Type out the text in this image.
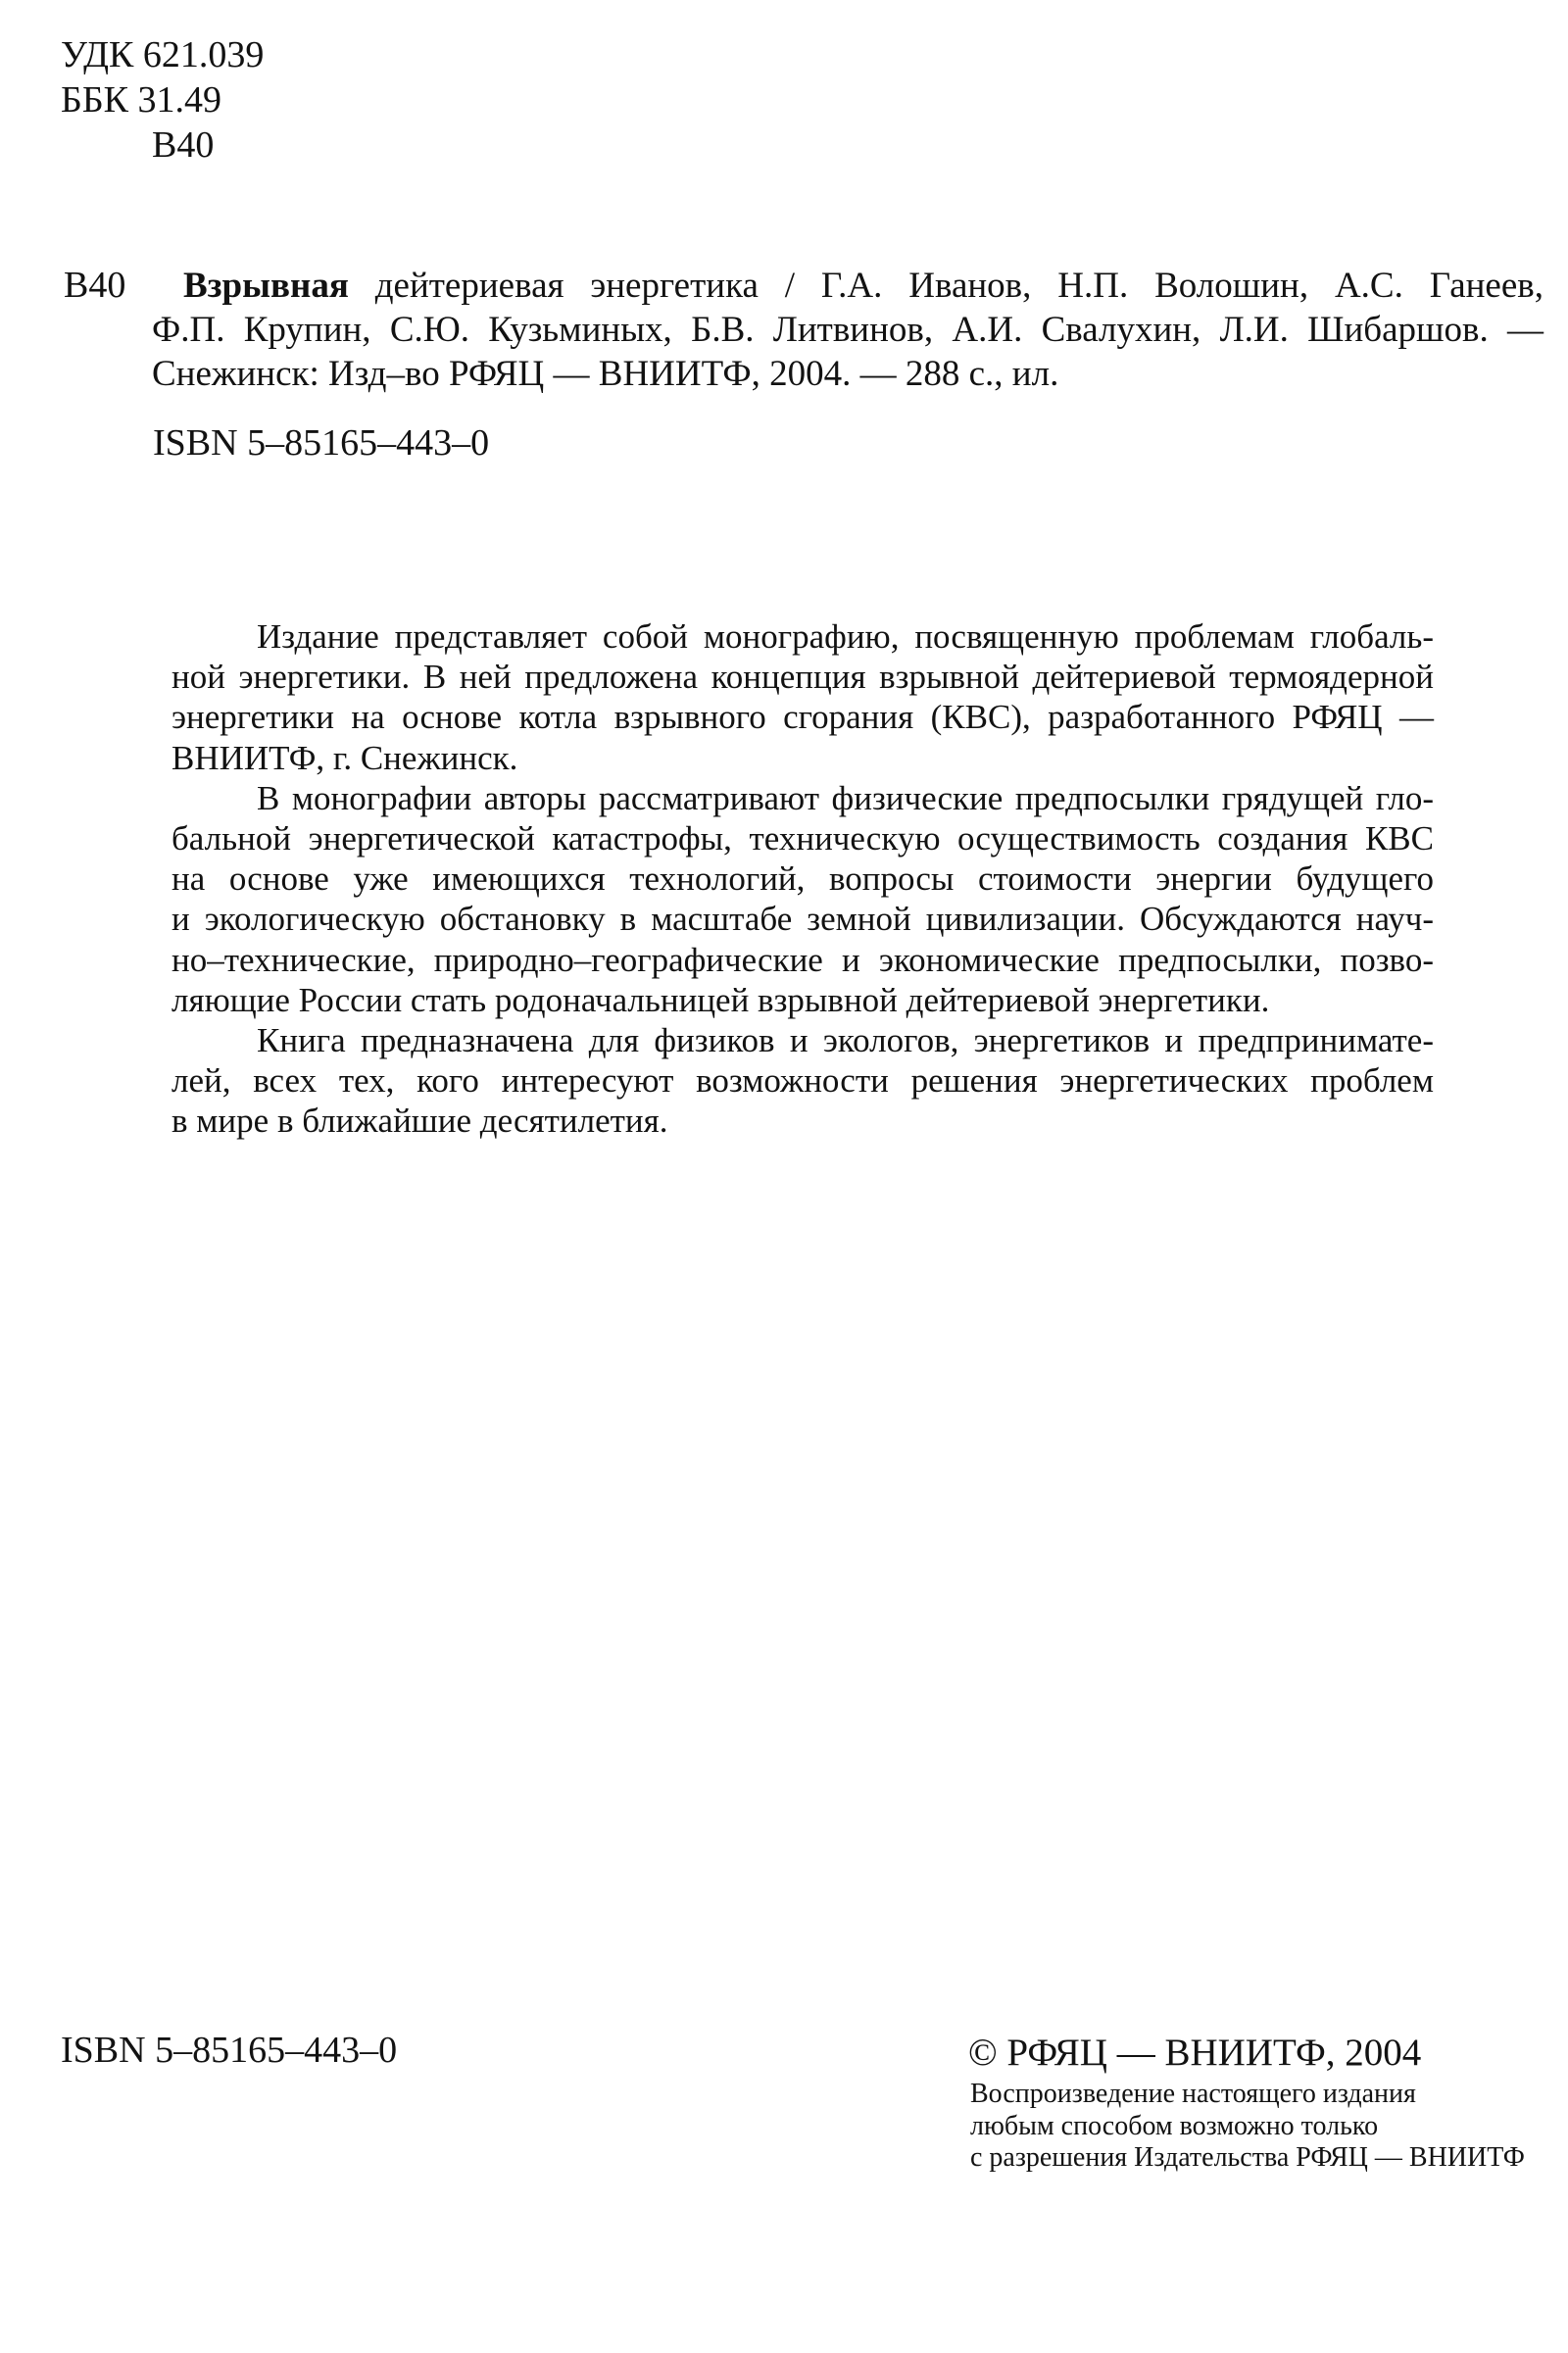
УДК 621.039
ББК 31.49
В40
В40 Взрывная дейтериевая энергетика / Г.А. Иванов, Н.П. Волошин, А.С. Ганеев,
Ф.П. Крупин, С.Ю. Кузьминых, Б.В. Литвинов, А.И. Свалухин, Л.И. Шибаршов. —
Снежинск: Изд–во РФЯЦ — ВНИИТФ, 2004. — 288 с., ил.
ISBN 5–85165–443–0
Издание представляет собой монографию, посвященную проблемам глобаль-
ной энергетики. В ней предложена концепция взрывной дейтериевой термоядерной
энергетики на основе котла взрывного сгорания (КВС), разработанного РФЯЦ —
ВНИИТФ, г. Снежинск.
В монографии авторы рассматривают физические предпосылки грядущей гло-
бальной энергетической катастрофы, техническую осуществимость создания КВС
на основе уже имеющихся технологий, вопросы стоимости энергии будущего
и экологическую обстановку в масштабе земной цивилизации. Обсуждаются науч-
но–технические, природно–географические и экономические предпосылки, позво-
ляющие России стать родоначальницей взрывной дейтериевой энергетики.
Книга предназначена для физиков и экологов, энергетиков и предпринимате-
лей, всех тех, кого интересуют возможности решения энергетических проблем
в мире в ближайшие десятилетия.
ISBN 5–85165–443–0	© РФЯЦ — ВНИИТФ, 2004
Воспроизведение настоящего издания
любым способом возможно только
с разрешения Издательства РФЯЦ — ВНИИТФ
